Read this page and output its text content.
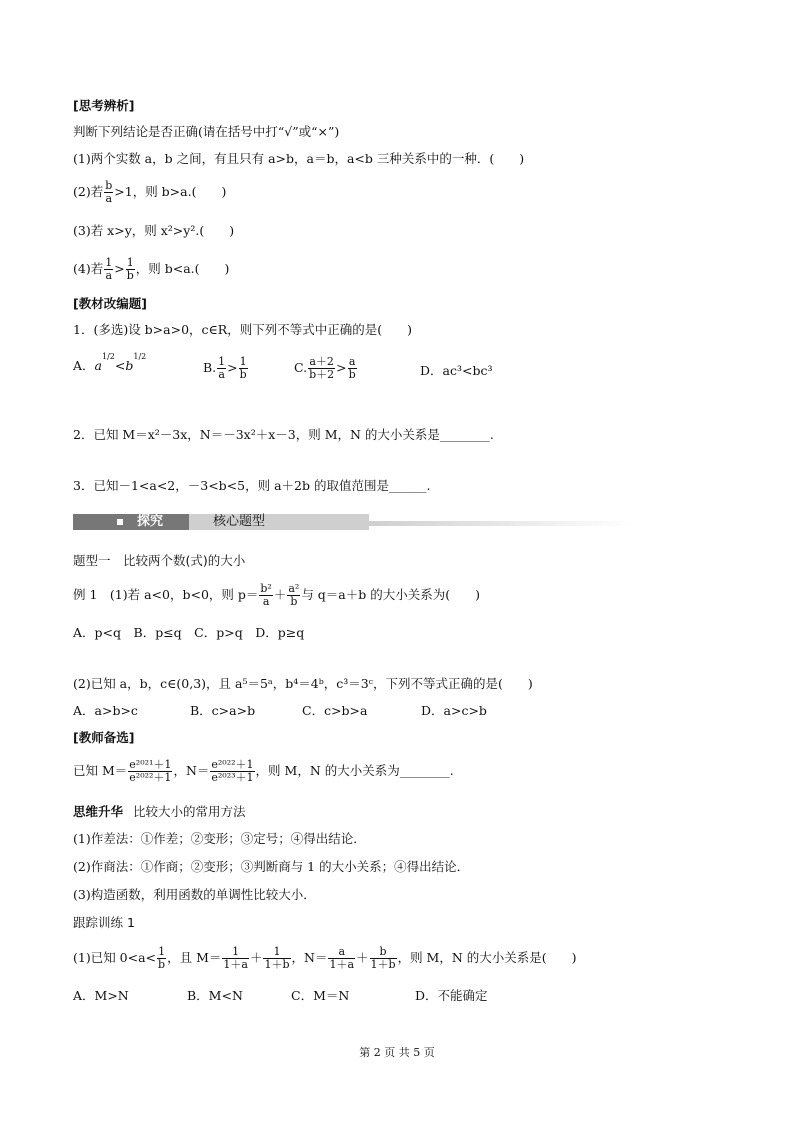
[思考辨析]
判断下列结论是否正确(请在括号中打“√”或“×”)
(1)两个实数 a，b 之间，有且只有 a>b，a＝b，a<b 三种关系中的一种．(　　)
(2)若 $\frac{b}{a} >1$，则 b>a.(　　)
(3)若 x>y，则 x²>y².(　　)
(4)若 $\frac{1}{a} > \frac{1}{b}$ ，则 b<a.(　　)
[教材改编题]
1．(多选)设 b>a>0，c∈R，则下列不等式中正确的是(　　)
A．$a^{1/2}<b^{1/2}$
B. $\frac{1}{a} > \frac{1}{b}$	C. $\frac{a+2}{b+2} > \frac{a}{b}$	D．ac³<bc³
2．已知 M＝x²－3x，N＝－3x²＋x－3，则 M，N 的大小关系是________.
3．已知－1<a<2，－3<b<5，则 a＋2b 的取值范围是______.
探究	核心题型
题型一　比较两个数(式)的大小
例 1　(1)若 a<0，b<0，则 $p= \frac{\text{b²}}{a} + \frac{\text{a²}}{b}$ 与 q＝a＋b 的大小关系为(　　)
A．p<q　B．p≤q　C．p>q　D．p≥q
(2)已知 a，b，c∈(0,3)，且 a⁵＝5ᵃ，b⁴＝4ᵇ，c³＝3ᶜ，下列不等式正确的是(　　)
A．a>b>c	B．c>a>b	C．c>b>a	D．a>c>b
[教师备选]
已知 $M= \frac{\text{e²⁰²¹＋1}}{\text{e²⁰²²＋1}}$ ，$N= \frac{\text{e²⁰²²＋1}}{\text{e²⁰²³＋1}}$ ，则 M，N 的大小关系为________.
思维升华 比较大小的常用方法
(1)作差法：①作差；②变形；③定号；④得出结论．
(2)作商法：①作商；②变形；③判断商与 1 的大小关系；④得出结论．
(3)构造函数，利用函数的单调性比较大小．
跟踪训练 1
(1)已知 $0<a< \frac{1}{b}$ ，且 $M= \frac{1}{1+a} + \frac{1}{1+b}$ ，$N= \frac{a}{1+a} + \frac{b}{1+b}$ ，则 M，N 的大小关系是(　　)
A．M>N	B．M<N	C．M＝N	D．不能确定
第 2 页 共 5 页
